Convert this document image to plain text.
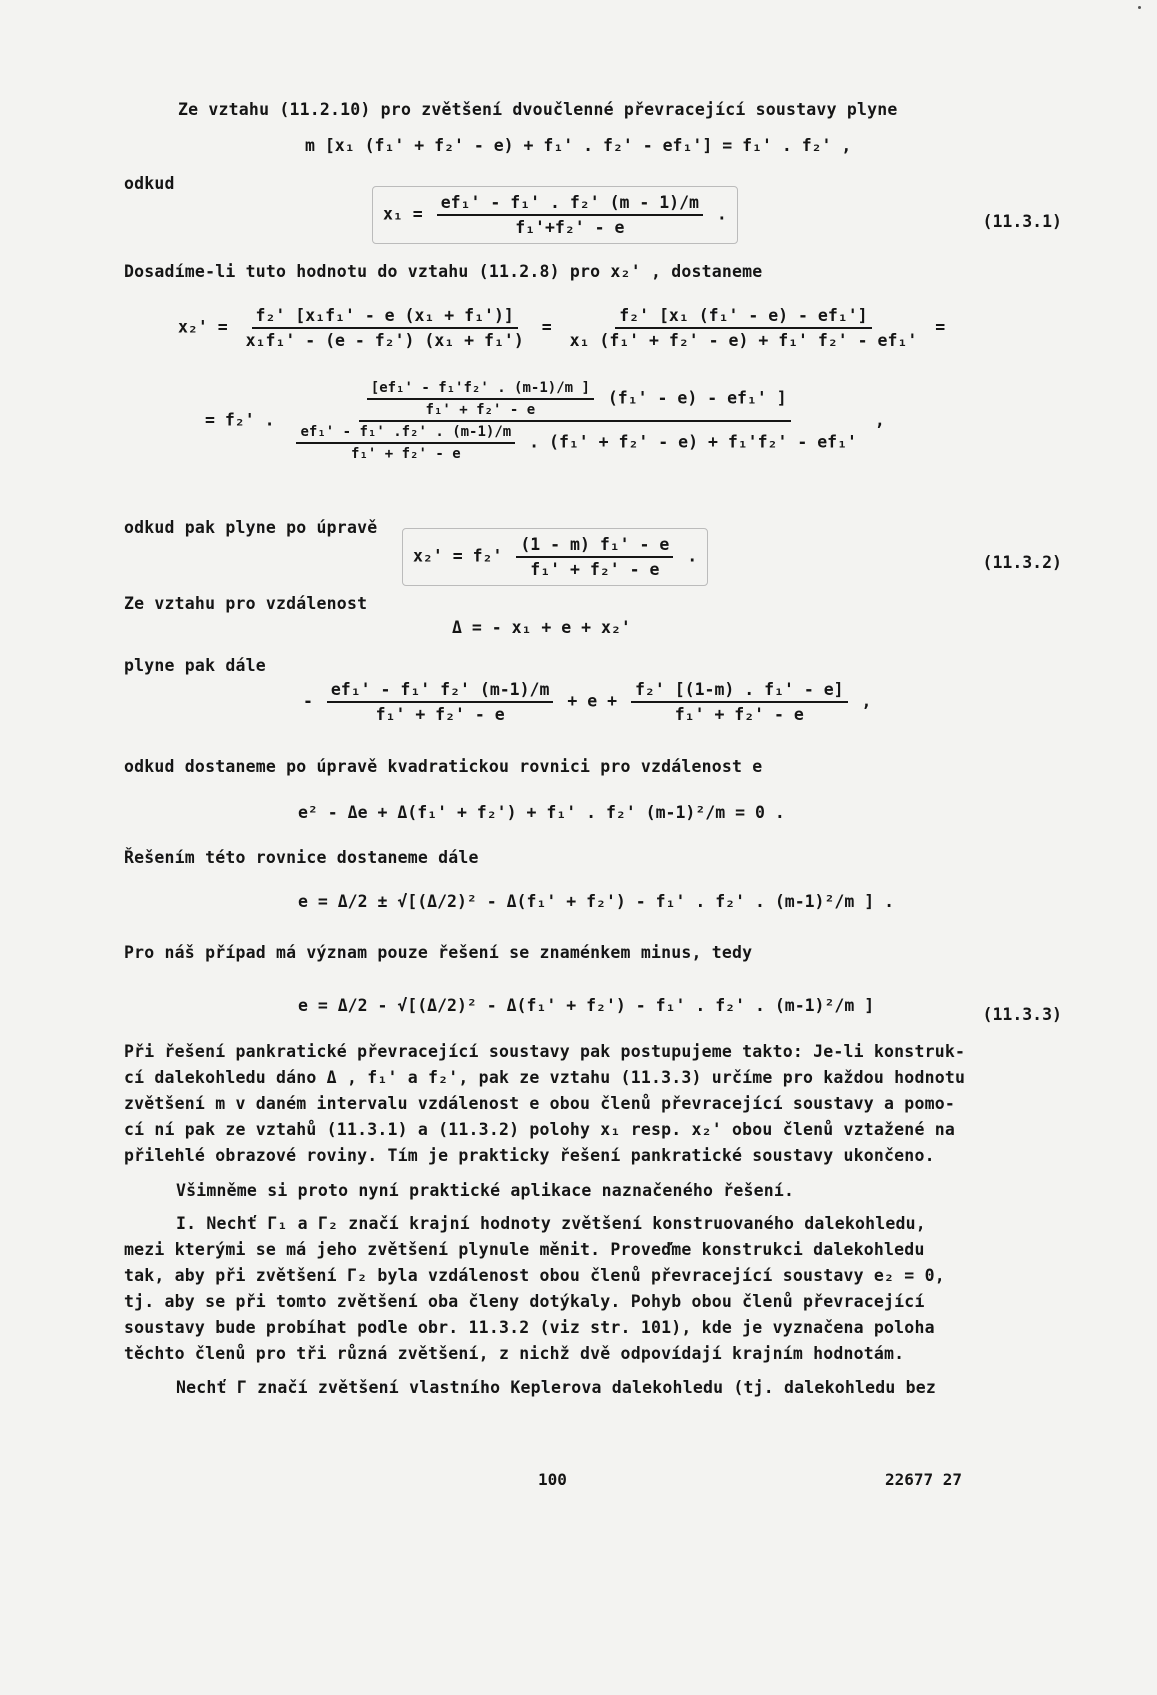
Ze vztahu (11.2.10) pro zvětšení dvoučlenné převracející soustavy plyne
m [x₁ (f₁' + f₂' - e) + f₁' . f₂' - ef₁'] = f₁' . f₂' ,
odkud
$x_1 = \frac{\text{ef₁' - f₁' . f₂' (m - 1)/m}}{\text{f₁'+f₂' - e}}$ .	(11.3.1)
Dosadíme-li tuto hodnotu do vztahu (11.2.8) pro x₂' , dostaneme
$x_2' = \frac{\text{f₂' [x₁f₁' - e (x₁ + f₁')]}}{\text{x₁f₁' - (e - f₂') (x₁ + f₁')}} = \frac{\text{f₂' [x₁ (f₁' - e) - ef₁']}}{\text{x₁ (f₁' + f₂' - e) + f₁' f₂' - ef₁'}}$ =
= f₂' .
$\frac{\text{[ef₁' - f₁'f₂' . (m-1)/m ]}}{\text{f₁' + f₂' - e}} (f_1' - e) - ef_1'$ ]
$\frac{\text{ef₁' - f₁' .f₂' . (m-1)/m}}{\text{f₁' + f₂' - e}}$ . (f₁' + f₂' - e) + f₁'f₂' - ef₁'
,
odkud pak plyne po úpravě
$x_2' = f_2' \frac{\text{(1 - m) f₁' - e}}{\text{f₁' + f₂' - e}}$ .	(11.3.2)
Ze vztahu pro vzdálenost
Δ = - x₁ + e + x₂'
plyne pak dále
- $\frac{\text{ef₁' - f₁' f₂' (m-1)/m}}{\text{f₁' + f₂' - e}} + e + \frac{\text{f₂' [(1-m) . f₁' - e]}}{\text{f₁' + f₂' - e}}$ ,
odkud dostaneme po úpravě kvadratickou rovnici pro vzdálenost e
e² - Δe + Δ(f₁' + f₂') + f₁' . f₂' (m-1)²/m = 0 .
Řešením této rovnice dostaneme dále
e = Δ/2 ± √[(Δ/2)² - Δ(f₁' + f₂') - f₁' . f₂' . (m-1)²/m ] .
Pro náš případ má význam pouze řešení se znaménkem minus, tedy
e = Δ/2 - √[(Δ/2)² - Δ(f₁' + f₂') - f₁' . f₂' . (m-1)²/m ]	(11.3.3)
Při řešení pankratické převracející soustavy pak postupujeme takto: Je-li konstruk-
cí dalekohledu dáno Δ , f₁' a f₂', pak ze vztahu (11.3.3) určíme pro každou hodnotu
zvětšení m v daném intervalu vzdálenost e obou členů převracející soustavy a pomo-
cí ní pak ze vztahů (11.3.1) a (11.3.2) polohy x₁ resp. x₂' obou členů vztažené na
přilehlé obrazové roviny. Tím je prakticky řešení pankratické soustavy ukončeno.
Všimněme si proto nyní praktické aplikace naznačeného řešení.
I. Nechť Γ₁ a Γ₂ značí krajní hodnoty zvětšení konstruovaného dalekohledu,
mezi kterými se má jeho zvětšení plynule měnit. Proveďme konstrukci dalekohledu
tak, aby při zvětšení Γ₂ byla vzdálenost obou členů převracející soustavy e₂ = 0,
tj. aby se při tomto zvětšení oba členy dotýkaly. Pohyb obou členů převracející
soustavy bude probíhat podle obr. 11.3.2 (viz str. 101), kde je vyznačena poloha
těchto členů pro tři různá zvětšení, z nichž dvě odpovídají krajním hodnotám.
Nechť Γ značí zvětšení vlastního Keplerova dalekohledu (tj. dalekohledu bez
100	22677 27
